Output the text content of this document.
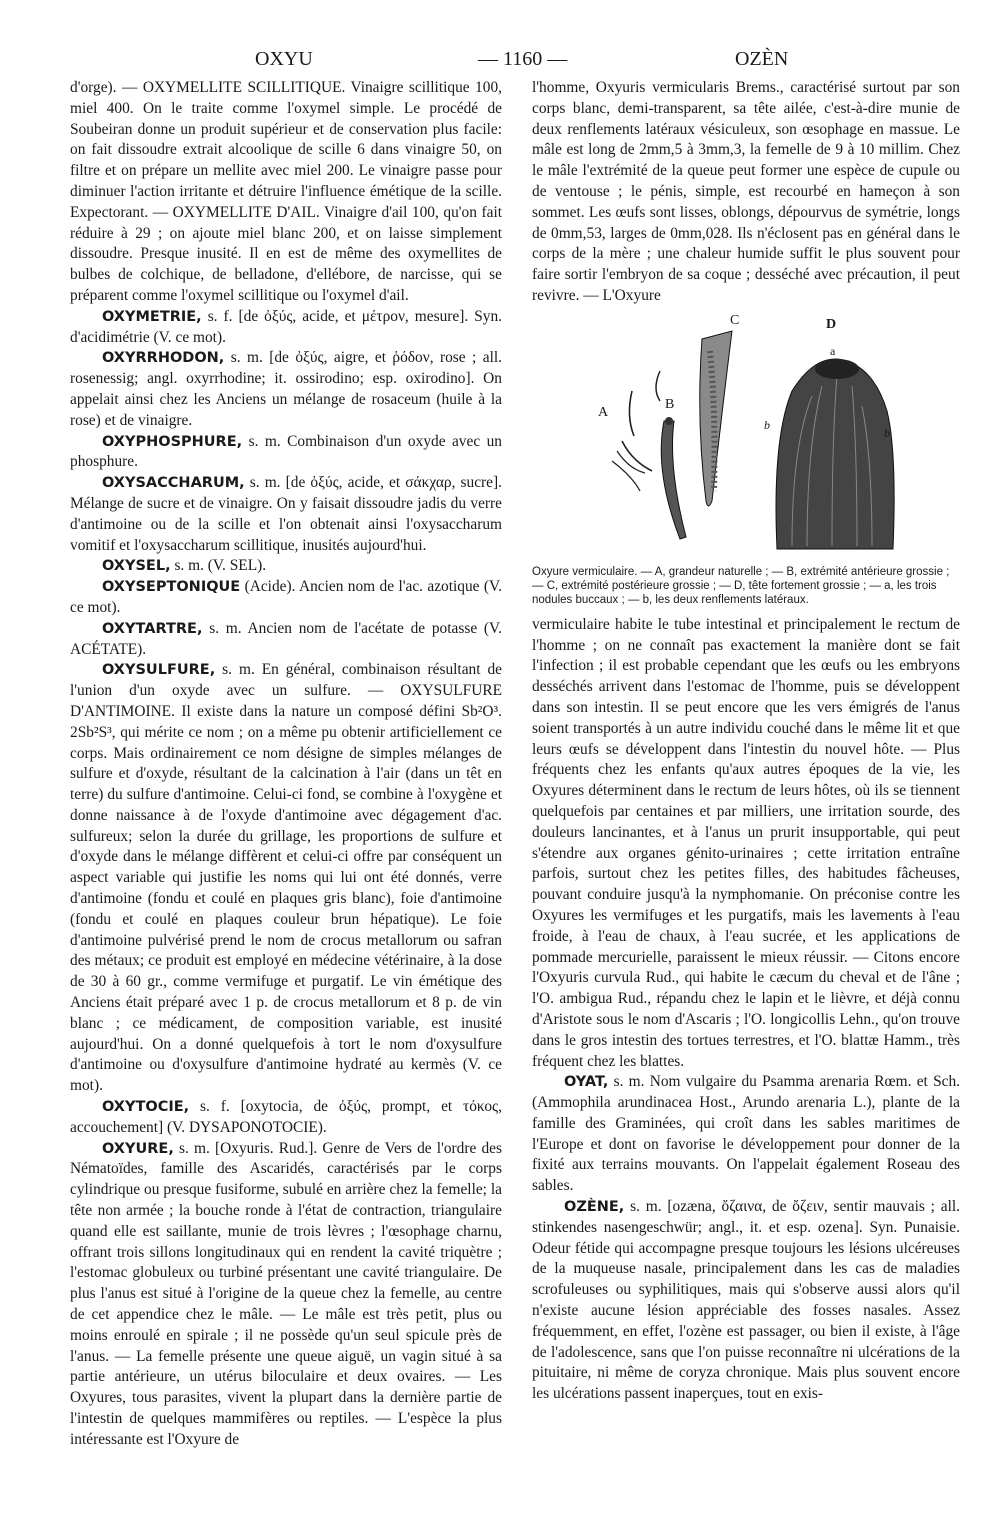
OXYU	— 1160 —	OZÈN

d'orge). — OXYMELLITE SCILLITIQUE. Vinaigre scillitique 100, miel 400. On le traite comme l'oxymel simple. Le procédé de Soubeiran donne un produit supérieur et de conservation plus facile: on fait dissoudre extrait alcoolique de scille 6 dans vinaigre 50, on filtre et on prépare un mellite avec miel 200. Le vinaigre passe pour diminuer l'action irritante et détruire l'influence émétique de la scille. Expectorant. — OXYMELLITE D'AIL. Vinaigre d'ail 100, qu'on fait réduire à 29 ; on ajoute miel blanc 200, et on laisse simplement dissoudre. Presque inusité. Il en est de même des oxymellites de bulbes de colchique, de belladone, d'ellébore, de narcisse, qui se préparent comme l'oxymel scillitique ou l'oxymel d'ail.

OXYMETRIE, s. f. [de ὀξύς, acide, et μέτρον, mesure]. Syn. d'acidimétrie (V. ce mot).

OXYRRHODON, s. m. [de ὀξύς, aigre, et ῥόδον, rose ; all. rosenessig; angl. oxyrrhodine; it. ossirodino; esp. oxirodino]. On appelait ainsi chez les Anciens un mélange de rosaceum (huile à la rose) et de vinaigre.

OXYPHOSPHURE, s. m. Combinaison d'un oxyde avec un phosphure.

OXYSACCHARUM, s. m. [de ὀξύς, acide, et σάκχαρ, sucre]. Mélange de sucre et de vinaigre. On y faisait dissoudre jadis du verre d'antimoine ou de la scille et l'on obtenait ainsi l'oxysaccharum vomitif et l'oxysaccharum scillitique, inusités aujourd'hui.

OXYSEL, s. m. (V. SEL).

OXYSEPTONIQUE (Acide). Ancien nom de l'ac. azotique (V. ce mot).

OXYTARTRE, s. m. Ancien nom de l'acétate de potasse (V. ACÉTATE).

OXYSULFURE, s. m. En général, combinaison résultant de l'union d'un oxyde avec un sulfure. — OXYSULFURE D'ANTIMOINE. Il existe dans la nature un composé défini Sb²O³. 2Sb²S³, qui mérite ce nom ; on a même pu obtenir artificiellement ce corps. Mais ordinairement ce nom désigne de simples mélanges de sulfure et d'oxyde, résultant de la calcination à l'air (dans un têt en terre) du sulfure d'antimoine. Celui-ci fond, se combine à l'oxygène et donne naissance à de l'oxyde d'antimoine avec dégagement d'ac. sulfureux; selon la durée du grillage, les proportions de sulfure et d'oxyde dans le mélange diffèrent et celui-ci offre par conséquent un aspect variable qui justifie les noms qui lui ont été donnés, verre d'antimoine (fondu et coulé en plaques gris blanc), foie d'antimoine (fondu et coulé en plaques couleur brun hépatique). Le foie d'antimoine pulvérisé prend le nom de crocus metallorum ou safran des métaux; ce produit est employé en médecine vétérinaire, à la dose de 30 à 60 gr., comme vermifuge et purgatif. Le vin émétique des Anciens était préparé avec 1 p. de crocus metallorum et 8 p. de vin blanc ; ce médicament, de composition variable, est inusité aujourd'hui. On a donné quelquefois à tort le nom d'oxysulfure d'antimoine ou d'oxysulfure d'antimoine hydraté au kermès (V. ce mot).

OXYTOCIE, s. f. [oxytocia, de ὀξύς, prompt, et τόκος, accouchement] (V. DYSAPONOTOCIE).

OXYURE, s. m. [Oxyuris. Rud.]. Genre de Vers de l'ordre des Nématoïdes, famille des Ascaridés, caractérisés par le corps cylindrique ou presque fusiforme, subulé en arrière chez la femelle; la tête non armée ; la bouche ronde à l'état de contraction, triangulaire quand elle est saillante, munie de trois lèvres ; l'œsophage charnu, offrant trois sillons longitudinaux qui en rendent la cavité triquètre ; l'estomac globuleux ou turbiné présentant une cavité triangulaire. De plus l'anus est situé à l'origine de la queue chez la femelle, au centre de cet appendice chez le mâle. — Le mâle est très petit, plus ou moins enroulé en spirale ; il ne possède qu'un seul spicule près de l'anus. — La femelle présente une queue aiguë, un vagin situé à sa partie antérieure, un utérus biloculaire et deux ovaires. — Les Oxyures, tous parasites, vivent la plupart dans la dernière partie de l'intestin de quelques mammifères ou reptiles. — L'espèce la plus intéressante est l'Oxyure de

l'homme, Oxyuris vermicularis Brems., caractérisé surtout par son corps blanc, demi-transparent, sa tête ailée, c'est-à-dire munie de deux renflements latéraux vésiculeux, son œsophage en massue. Le mâle est long de 2mm,5 à 3mm,3, la femelle de 9 à 10 millim. Chez le mâle l'extrémité de la queue peut former une espèce de cupule ou de ventouse ; le pénis, simple, est recourbé en hameçon à son sommet. Les œufs sont lisses, oblongs, dépourvus de symétrie, longs de 0mm,53, larges de 0mm,028. Ils n'éclosent pas en général dans le corps de la mère ; une chaleur humide suffit le plus souvent pour faire sortir l'embryon de sa coque ; desséché avec précaution, il peut revivre. — L'Oxyure

A
B
C	D
a
b
b
Oxyure vermiculaire. — A, grandeur naturelle ; — B, extrémité antérieure grossie ; — C, extrémité postérieure grossie ; — D, tête fortement grossie ; — a, les trois nodules buccaux ; — b, les deux renflements latéraux.

vermiculaire habite le tube intestinal et principalement le rectum de l'homme ; on ne connaît pas exactement la manière dont se fait l'infection ; il est probable cependant que les œufs ou les embryons desséchés arrivent dans l'estomac de l'homme, puis se développent dans son intestin. Il se peut encore que les vers émigrés de l'anus soient transportés à un autre individu couché dans le même lit et que leurs œufs se développent dans l'intestin du nouvel hôte. — Plus fréquents chez les enfants qu'aux autres époques de la vie, les Oxyures déterminent dans le rectum de leurs hôtes, où ils se tiennent quelquefois par centaines et par milliers, une irritation sourde, des douleurs lancinantes, et à l'anus un prurit insupportable, qui peut s'étendre aux organes génito-urinaires ; cette irritation entraîne parfois, surtout chez les petites filles, des habitudes fâcheuses, pouvant conduire jusqu'à la nymphomanie. On préconise contre les Oxyures les vermifuges et les purgatifs, mais les lavements à l'eau froide, à l'eau de chaux, à l'eau sucrée, et les applications de pommade mercurielle, paraissent le mieux réussir. — Citons encore l'Oxyuris curvula Rud., qui habite le cæcum du cheval et de l'âne ; l'O. ambigua Rud., répandu chez le lapin et le lièvre, et déjà connu d'Aristote sous le nom d'Ascaris ; l'O. longicollis Lehn., qu'on trouve dans le gros intestin des tortues terrestres, et l'O. blattæ Hamm., très fréquent chez les blattes.

OYAT, s. m. Nom vulgaire du Psamma arenaria Rœm. et Sch. (Ammophila arundinacea Host., Arundo arenaria L.), plante de la famille des Graminées, qui croît dans les sables maritimes de l'Europe et dont on favorise le développement pour donner de la fixité aux terrains mouvants. On l'appelait également Roseau des sables.

OZÈNE, s. m. [ozæna, ὄζαινα, de ὄζειν, sentir mauvais ; all. stinkendes nasengeschwür; angl., it. et esp. ozena]. Syn. Punaisie. Odeur fétide qui accompagne presque toujours les lésions ulcéreuses de la muqueuse nasale, principalement dans les cas de maladies scrofuleuses ou syphilitiques, mais qui s'observe aussi alors qu'il n'existe aucune lésion appréciable des fosses nasales. Assez fréquemment, en effet, l'ozène est passager, ou bien il existe, à l'âge de l'adolescence, sans que l'on puisse reconnaître ni ulcérations de la pituitaire, ni même de coryza chronique. Mais plus souvent encore les ulcérations passent inaperçues, tout en exis-
